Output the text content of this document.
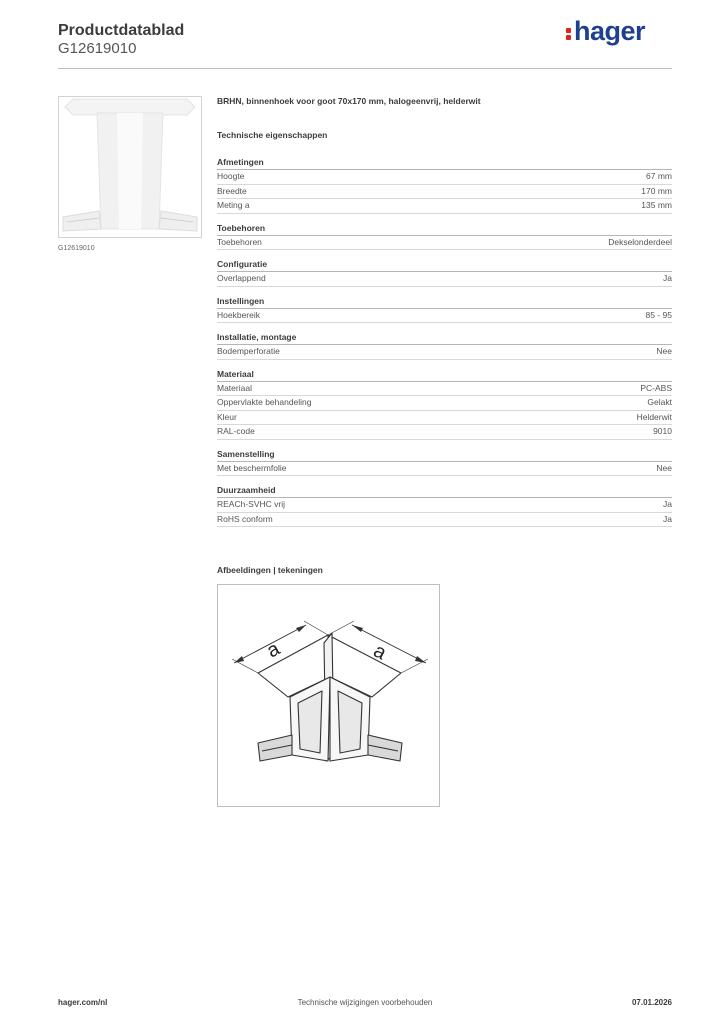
Productdatablad
G12619010
hager
G12619010
BRHN, binnenhoek voor goot 70x170 mm, halogeenvrij, helderwit
Technische eigenschappen
Afmetingen
Hoogte	67 mm
Breedte	170 mm
Meting a	135 mm
Toebehoren
Toebehoren	Dekselonderdeel
Configuratie
Overlappend	Ja
Instellingen
Hoekbereik	85 - 95
Installatie, montage
Bodemperforatie	Nee
Materiaal
Materiaal	PC-ABS
Oppervlakte behandeling	Gelakt
Kleur	Helderwit
RAL-code	9010
Samenstelling
Met beschermfolie	Nee
Duurzaamheid
REACh-SVHC vrij	Ja
RoHS conform	Ja
Afbeeldingen | tekeningen
a	a
hager.com/nl	Technische wijzigingen voorbehouden	07.01.2026
